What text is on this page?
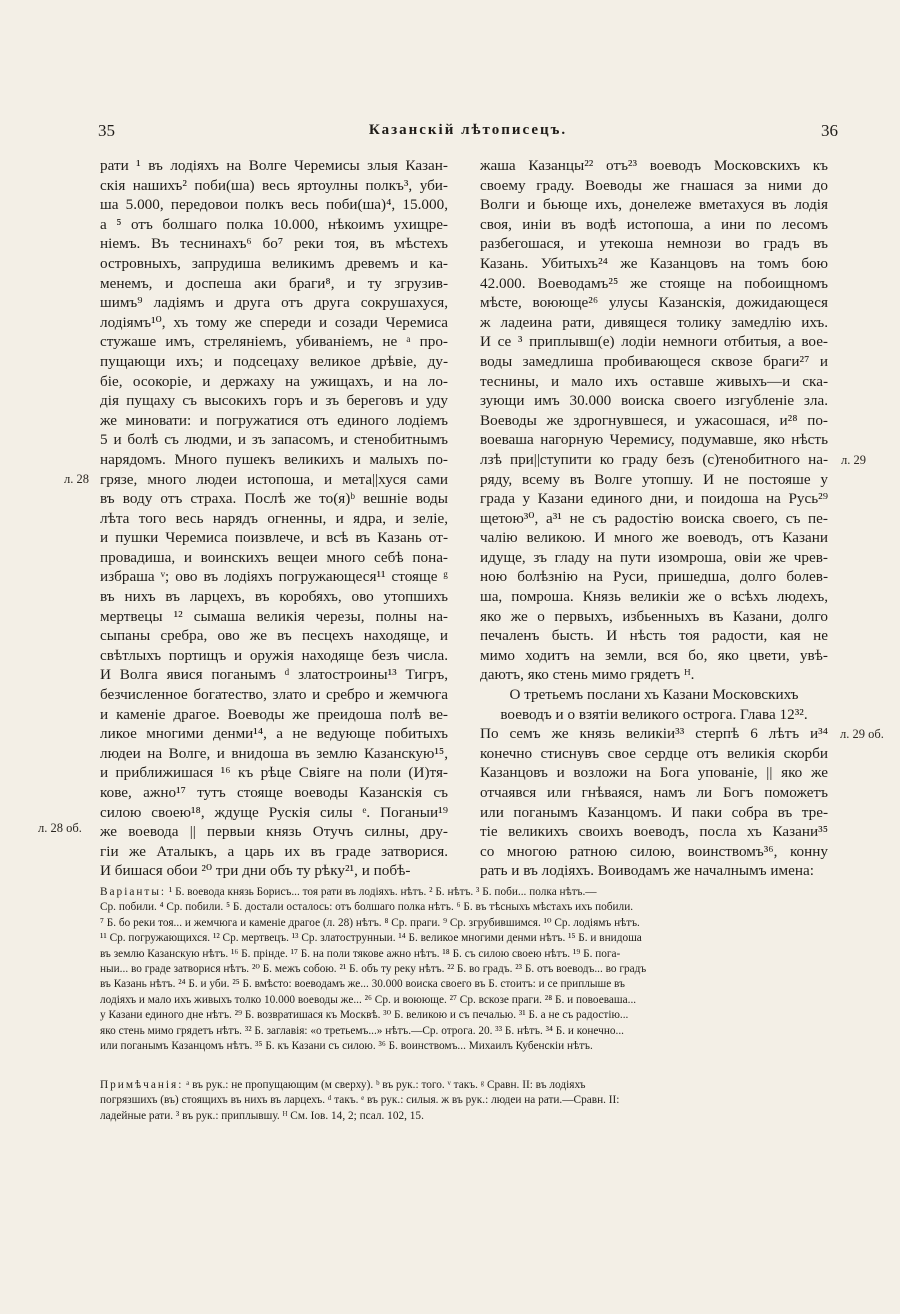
35	Казанскій лѣтописецъ.	36
рати ¹ въ лодіяхъ на Волге Черемисы злыя Казан-
скія нашихъ² поби(ша) весь яртоулны полкъ³, уби-
ша 5.000, передовои полкъ весь поби(ша)⁴, 15.000,
а ⁵ отъ болшаго полка 10.000, нѣкоимъ ухищре-
ніемъ. Въ теснинахъ⁶ бо⁷ реки тоя, въ мѣстехъ
островныхъ, запрудиша великимъ древемъ и ка-
менемъ, и доспеша аки браги⁸, и ту згрузив-
шимъ⁹ ладіямъ и друга отъ друга сокрушахуся,
лодіямъ¹⁰, хъ тому же спереди и созади Черемиса
стужаше имъ, стреляніемъ, убиваніемъ, не ᵃ про-
пущающи ихъ; и подсецаху великое дрѣвіе, ду-
біе, осокоріе, и держаху на ужищахъ, и на ло-
дія пущаху съ высокихъ горъ и зъ береговъ и уду
же миновати: и погружатися отъ единого лодіемъ
5 и болѣ съ людми, и зъ запасомъ, и стенобитнымъ
нарядомъ. Много пушекъ великихъ и малыхъ по-
грязе, много людеи истопоша, и мета||хуся сами
въ воду отъ страха. Послѣ же то(я)ᵇ вешніе воды
лѣта того весь нарядъ огненны, и ядра, и зеліе,
и пушки Черемиса поизвлече, и всѣ въ Казань от-
провадиша, и воинскихъ вещеи много себѣ пона-
избраша ᵛ; ово въ лодіяхъ погружающеся¹¹ стояще ᵍ
въ нихъ въ ларцехъ, въ коробяхъ, ово утопшихъ
мертвецы ¹² сымаша великія черезы, полны на-
сыпаны сребра, ово же въ песцехъ находяще, и
свѣтлыхъ портищъ и оружія находяще безъ числа.
И Волга явися поганымъ ᵈ златостроины¹³ Тигръ,
безчисленное богатество, злато и сребро и жемчюга
и каменіе драгое. Воеводы же преидоша полѣ ве-
ликое многими денми¹⁴, а не ведующе побитыхъ
людеи на Волге, и внидоша въ землю Казанскую¹⁵,
и приближишася ¹⁶ къ рѣце Свіяге на поли (И)тя-
кове, ажно¹⁷ тутъ стояще воеводы Казанскія съ
силою своею¹⁸, ждуще Рускія силы ᵉ. Поганыи¹⁹
же воевода || первыи князь Отучъ силны, дру-
гіи же Аталыкъ, а царь их въ граде затворися.
И бишася обои ²⁰ три дни объ ту рѣку²¹, и побѣ-
жаша Казанцы²² отъ²³ воеводъ Московскихъ къ
своему граду. Воеводы же гнашася за ними до
Волги и бьюще ихъ, донележе вметахуся въ лодія
своя, иніи въ водѣ истопоша, а ини по лесомъ
разбегошася, и утекоша немнози во градъ въ
Казань. Убитыхъ²⁴ же Казанцовъ на томъ бою
42.000. Воеводамъ²⁵ же стояще на побоищномъ
мѣсте, воююще²⁶ улусы Казанскія, дожидающеся
ж ладеина рати, дивящеся толику замедлію ихъ.
И се ³ приплывш(е) лодіи немноги отбитыя, а вое-
воды замедлиша пробивающеся сквозе браги²⁷ и
теснины, и мало ихъ оставше живыхъ—и ска-
зующи имъ 30.000 воиска своего изгубленіе зла.
Воеводы же здрогнувшеся, и ужасошася, и²⁸ по-
воеваша нагорную Черемису, подумавше, яко нѣсть
лзѣ при||ступити ко граду безъ (с)тенобитного на-
ряду, всему въ Волге утопшу. И не постояше у
града у Казани единого дни, и поидоша на Русь²⁹
щетою³⁰, а³¹ не съ радостію воиска своего, съ пе-
чалію великою. И много же воеводъ, отъ Казани
идуще, зъ гладу на пути изомроша, овіи же чрев-
ною болѣзнію на Руси, пришедша, долго болев-
ша, помроша. Князь великіи же о всѣхъ людехъ,
яко же о первыхъ, избьенныхъ въ Казани, долго
печаленъ бысть. И нѣсть тоя радости, кая не
мимо ходитъ на земли, вся бо, яко цвети, увѣ-
даютъ, яко стень мимо грядетъ ᴴ.
О третьемъ послани хъ Казани Московскихъ
воеводъ и о взятіи великого острога. Глава 12³².
По семъ же князь великіи³³ стерпѣ 6 лѣтъ и³⁴
конечно стиснувъ свое сердце отъ великія скорби
Казанцовъ и возложи на Бога упованіе, || яко же
отчаявся или гнѣваяся, намъ ли Богъ поможетъ
или поганымъ Казанцомъ. И паки собра въ тре-
тіе великихъ своихъ воеводъ, посла хъ Казани³⁵
со многою ратною силою, воинствомъ³⁶, конну
рать и въ лодіяхъ. Воиводамъ же началнымъ имена:
л. 28
л. 28 об.
л. 29
л. 29 об.
Варіанты: ¹ Б. воевода князь Борисъ... тоя рати въ лодіяхъ. нѣтъ. ² Б. нѣтъ. ³ Б. поби... полка нѣтъ.—
Ср. побили. ⁴ Ср. побили. ⁵ Б. достали осталось: отъ болшаго полка нѣтъ. ⁶ Б. въ тѣсныхъ мѣстахъ ихъ побили.
⁷ Б. бо реки тоя... и жемчюга и каменіе драгое (л. 28) нѣтъ. ⁸ Ср. праги. ⁹ Ср. згрубившимся. ¹⁰ Ср. лодіямъ нѣтъ.
¹¹ Ср. погружающихся. ¹² Ср. мертвецъ. ¹³ Ср. златострунныи. ¹⁴ Б. великое многими денми нѣтъ. ¹⁵ Б. и внидоша
въ землю Казанскую нѣтъ. ¹⁶ Б. прінде. ¹⁷ Б. на поли тякове ажно нѣтъ. ¹⁸ Б. съ силою своею нѣтъ. ¹⁹ Б. пога-
ныи... во граде затворися нѣтъ. ²⁰ Б. межъ собою. ²¹ Б. объ ту реку нѣтъ. ²² Б. во градъ. ²³ Б. отъ воеводъ... во градъ
въ Казань нѣтъ. ²⁴ Б. и уби. ²⁵ Б. вмѣсто: воеводамъ же... 30.000 воиска своего въ Б. стоитъ: и се приплыше въ
лодіяхъ и мало ихъ живыхъ толко 10.000 воеводы же... ²⁶ Ср. и воююще. ²⁷ Ср. вскозе праги. ²⁸ Б. и повоеваша...
у Казани единого дне нѣтъ. ²⁹ Б. возвратишася къ Москвѣ. ³⁰ Б. великою и съ печалью. ³¹ Б. а не съ радостію...
яко стень мимо грядетъ нѣтъ. ³² Б. заглавія: «о третьемъ...» нѣтъ.—Ср. отрога. 20. ³³ Б. нѣтъ. ³⁴ Б. и конечно...
или поганымъ Казанцомъ нѣтъ. ³⁵ Б. къ Казани съ силою. ³⁶ Б. воинствомъ... Михаилъ Кубенскіи нѣтъ.
Примѣчанія: ᵃ въ рук.: не пропущающим (м сверху). ᵇ въ рук.: того. ᵛ такъ. ᵍ Сравн. II: въ лодіяхъ
погрязшихъ (въ) стоящихъ въ нихъ въ ларцехъ. ᵈ такъ. ᵉ въ рук.: силыя. ж въ рук.: людеи на рати.—Сравн. II:
ладейные рати. ³ въ рук.: приплывшу. ᴴ См. Іов. 14, 2; псал. 102, 15.
